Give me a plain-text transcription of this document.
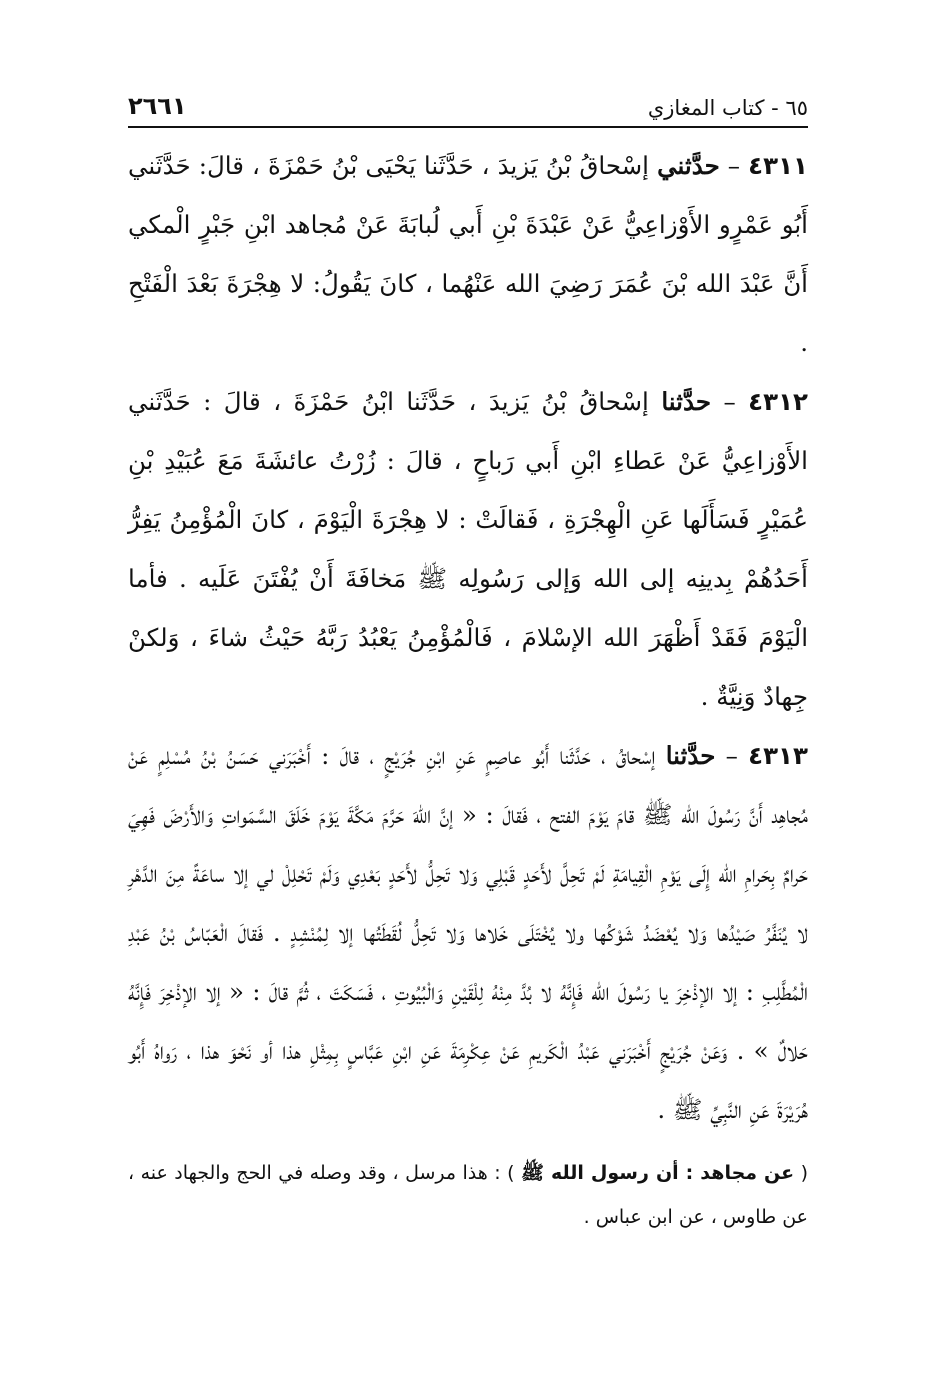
٦٥ - كتاب المغازي
٢٦٦١

٤٣١١ – حدَّثني إسْحاقُ بْنُ يَزيدَ ، حَدَّثَنا يَحْيَى بْنُ حَمْزَةَ ، قالَ: حَدَّثَني أَبُو عَمْرٍو الأَوْزاعِيُّ عَنْ عَبْدَةَ بْنِ أَبي لُبابَةَ عَنْ مُجاهد ابْنِ جَبْرٍ الْمكي أَنَّ عَبْدَ الله بْنَ عُمَرَ رَضِيَ الله عَنْهُما ، كانَ يَقُولُ: لا هِجْرَةَ بَعْدَ الْفَتْحِ .

٤٣١٢ – حدَّثنا إسْحاقُ بْنُ يَزيدَ ، حَدَّثَنا ابْنُ حَمْزَةَ ، قالَ : حَدَّثَني الأَوْزاعِيُّ عَنْ عَطاءِ ابْنِ أَبي رَباحٍ ، قالَ : زُرْتُ عائشَةَ مَعَ عُبَيْدِ بْنِ عُمَيْرٍ فَسَأَلَها عَنِ الْهِجْرَةِ ، فَقالَتْ : لا هِجْرَةَ الْيَوْمَ ، كانَ الْمُؤْمِنُ يَفِرُّ أَحَدُهُمْ بِدينِه إلى الله وَإلى رَسُولِه ﷺ مَخافَةَ أَنْ يُفْتَنَ عَلَيه . فأما الْيَوْمَ فَقَدْ أَظْهَرَ الله الإسْلامَ ، فَالْمُؤْمِنُ يَعْبُدُ رَبَّهُ حَيْثُ شاءَ ، وَلكنْ جِهادٌ وَنِيَّةٌ .

٤٣١٣ – حدَّثنا إسْحاقُ ، حَدَّثَنا أَبُو عاصِمٍ عَنِ ابْنِ جُرَيْجٍ ، قالَ : أَخْبَرَني حَسَنُ بْنُ مُسْلِمٍ عَنْ مُجاهِد أَنَّ رَسُولَ الله ﷺ قامَ يَوْمَ الفتح ، فَقالَ : « إنَّ اللهَ حَرَّمَ مَكَّةَ يَوْمَ خَلَقَ السَّمَواتِ وَالأَرْضَ فَهِيَ حَرامٌ بِحَرامِ الله إِلَى يَوْمِ الْقِيامَةِ لَمْ تَحِلَّ لأَحَدٍ قَبْلِي وَلا تَحِلُّ لأَحَدٍ بَعْدِي وَلَمْ تَحْلِلْ لي إلا ساعَةً مِنَ الدَّهْرِ لا يُنَفَّرُ صَيْدُها وَلا يُعْضَدُ شَوْكُها ولا يُخْتَلَى خَلاها وَلا تَحِلُّ لُقَطَتُها إلا لِمُنْشِدٍ . فَقالَ الْعَبّاسُ بْنُ عَبْدِ الْمُطَّلِبِ : إلا الإذْخِرَ يا رَسُولَ الله فَإِنَّهُ لا بُدَّ مِنْهُ لِلْقَيْنِ وَالْبُيُوتِ ، فَسَكَتَ ، ثُمَّ قالَ : « إلا الإذْخِرَ فَإِنَّهُ حَلالٌ » . وَعَنْ جُرَيْجٍ أَخْبَرَني عَبْدُ الْكَريمِ عَنْ عِكْرِمَةَ عَنِ ابْنِ عَبَّاسٍ بِمِثْلِ هذا أو نَحْوَ هذا ، رَواهُ أَبُو هُرَيْرَةَ عَنِ النَّبِيِّ ﷺ .

( عن مجاهد : أن رسول الله ﷺ ) : هذا مرسل ، وقد وصله في الحج والجهاد عنه ، عن طاوس ، عن ابن عباس .
